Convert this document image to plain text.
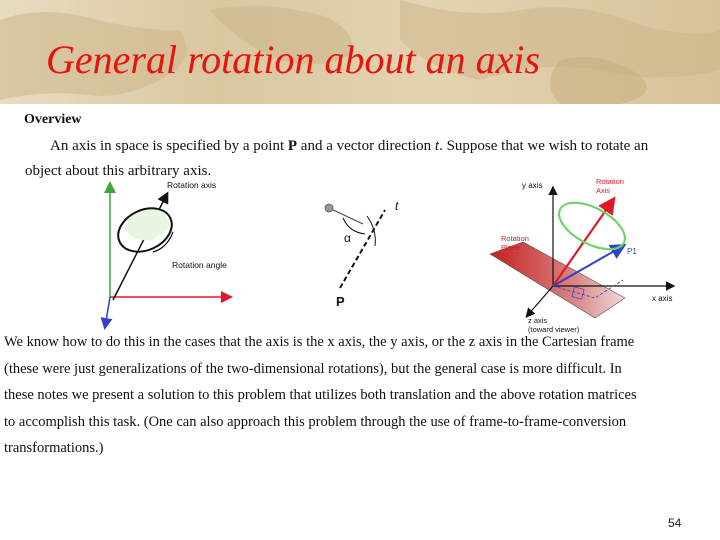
General rotation about an axis
Overview
An axis in space is specified by a point P and a vector direction t. Suppose that we wish to rotate an
object about this arbitrary axis.
Rotation axis
Rotation angle
α
t
P
y axis	Rotation
Axis
Rotation
Plane	P1
x axis
z axis
(toward viewer)
We know how to do this in the cases that the axis is the x axis, the y axis, or the z axis in the Cartesian frame
(these were just generalizations of the two-dimensional rotations), but the general case is more difficult. In
these notes we present a solution to this problem that utilizes both translation and the above rotation matrices
to accomplish this task. (One can also approach this problem through the use of frame-to-frame-conversion
transformations.)
54
